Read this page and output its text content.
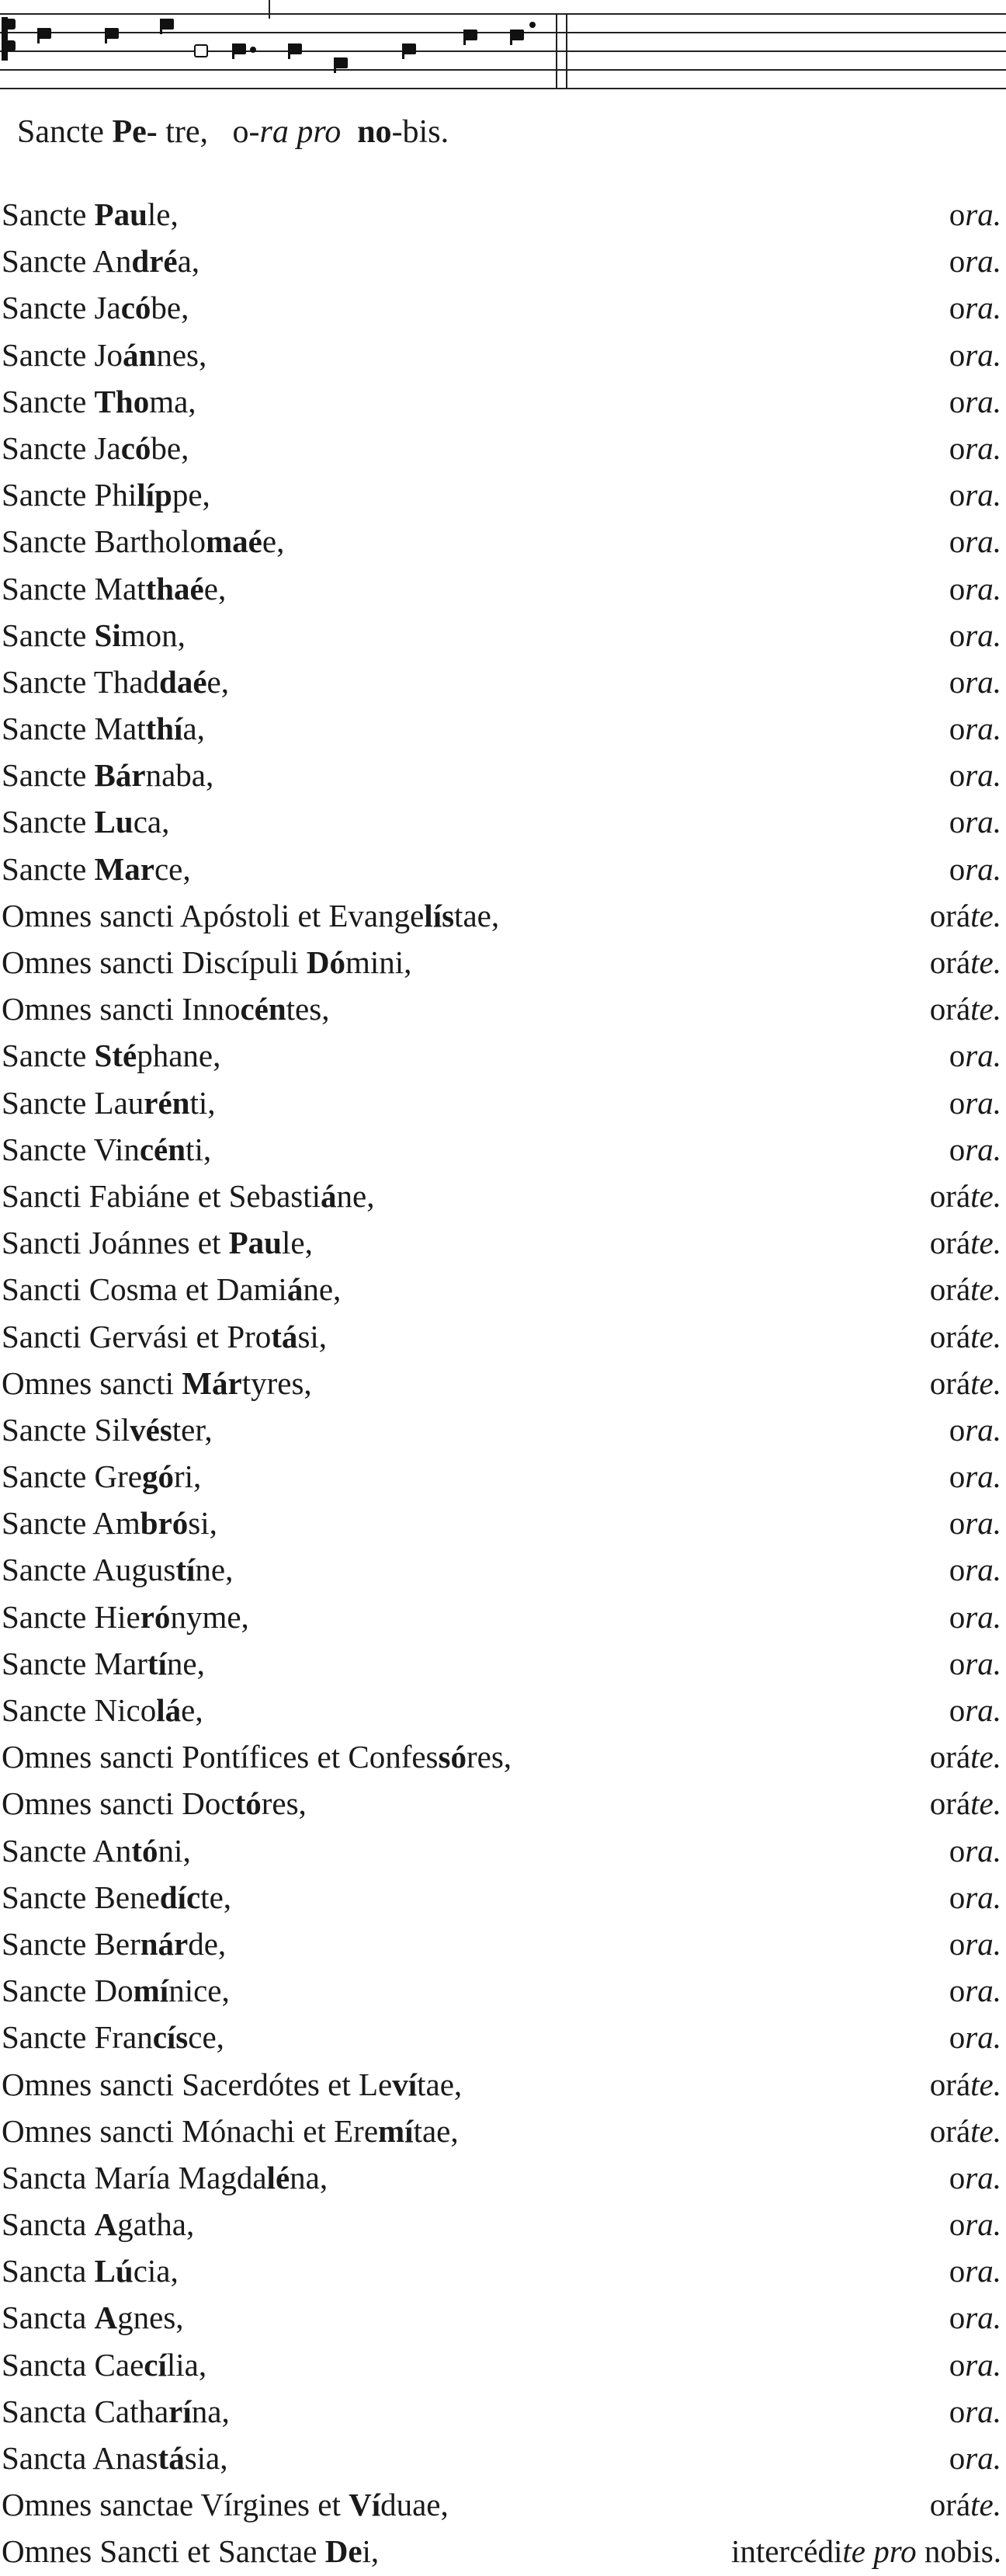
Sancte Pe- tre,   o-ra pro no-bis.
Sancte Paule,	ora.
Sancte Andréa,	ora.
Sancte Jacóbe,	ora.
Sancte Joánnes,	ora.
Sancte Thoma,	ora.
Sancte Jacóbe,	ora.
Sancte Philíppe,	ora.
Sancte Bartholomaée,	ora.
Sancte Matthaée,	ora.
Sancte Simon,	ora.
Sancte Thaddaée,	ora.
Sancte Matthía,	ora.
Sancte Bárnaba,	ora.
Sancte Luca,	ora.
Sancte Marce,	ora.
Omnes sancti Apóstoli et Evangelístae,	oráte.
Omnes sancti Discípuli Dómini,	oráte.
Omnes sancti Innocéntes,	oráte.
Sancte Stéphane,	ora.
Sancte Laurénti,	ora.
Sancte Vincénti,	ora.
Sancti Fabiáne et Sebastiáne,	oráte.
Sancti Joánnes et Paule,	oráte.
Sancti Cosma et Damiáne,	oráte.
Sancti Gervási et Protási,	oráte.
Omnes sancti Mártyres,	oráte.
Sancte Silvéster,	ora.
Sancte Gregóri,	ora.
Sancte Ambrósi,	ora.
Sancte Augustíne,	ora.
Sancte Hierónyme,	ora.
Sancte Martíne,	ora.
Sancte Nicoláe,	ora.
Omnes sancti Pontífices et Confessóres,	oráte.
Omnes sancti Doctóres,	oráte.
Sancte Antóni,	ora.
Sancte Benedícte,	ora.
Sancte Bernárde,	ora.
Sancte Domínice,	ora.
Sancte Francísce,	ora.
Omnes sancti Sacerdótes et Levítae,	oráte.
Omnes sancti Mónachi et Eremítae,	oráte.
Sancta María Magdaléna,	ora.
Sancta Agatha,	ora.
Sancta Lúcia,	ora.
Sancta Agnes,	ora.
Sancta Caecília,	ora.
Sancta Catharína,	ora.
Sancta Anastásia,	ora.
Omnes sanctae Vírgines et Víduae,	oráte.
Omnes Sancti et Sanctae Dei,	intercédite pro nobis.
